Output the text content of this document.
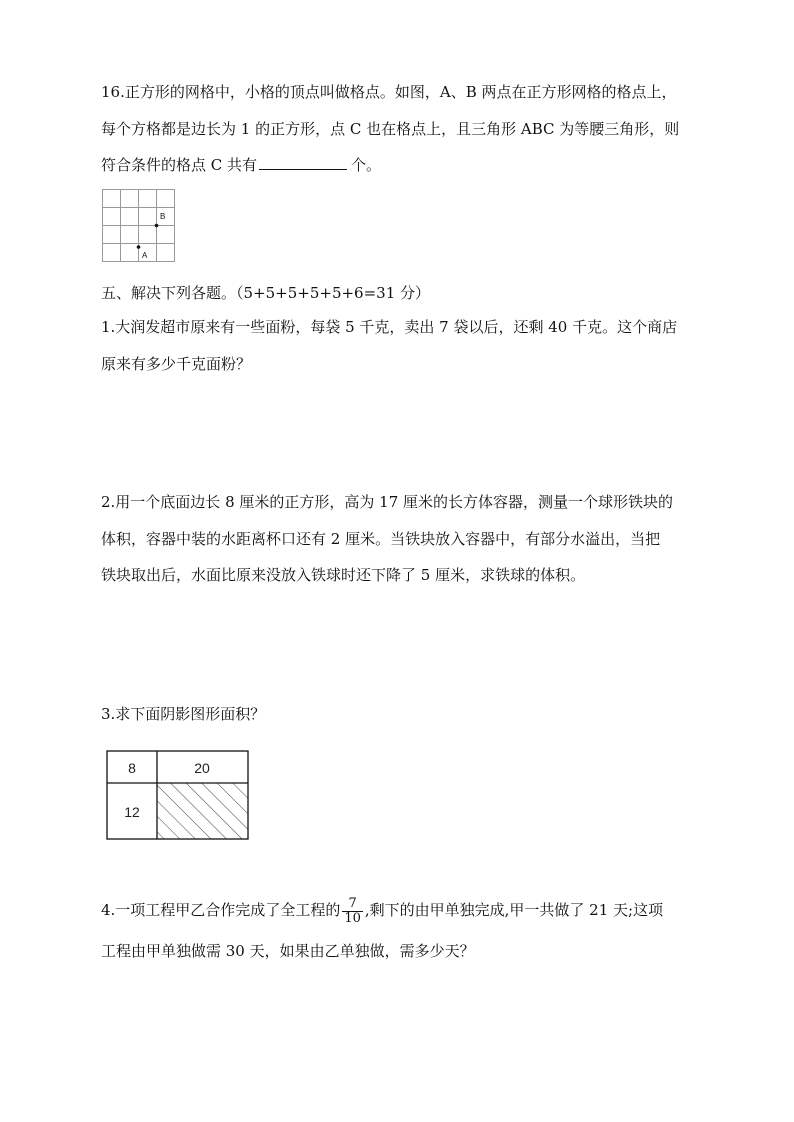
16.正方形的网格中，小格的顶点叫做格点。如图，A、B 两点在正方形网格的格点上，
每个方格都是边长为 1 的正方形，点 C 也在格点上，且三角形 ABC 为等腰三角形，则
符合条件的格点 C 共有	个。
B
A
五、解决下列各题。（5+5+5+5+5+6=31 分）
1.大润发超市原来有一些面粉，每袋 5 千克，卖出 7 袋以后，还剩 40 千克。这个商店
原来有多少千克面粉？
2.用一个底面边长 8 厘米的正方形，高为 17 厘米的长方体容器，测量一个球形铁块的
体积，容器中装的水距离杯口还有 2 厘米。当铁块放入容器中，有部分水溢出，当把
铁块取出后，水面比原来没放入铁球时还下降了 5 厘米，求铁球的体积。
3.求下面阴影图形面积？
8	20
12
4.一项工程甲乙合作完成了全工程的 $\frac{7}{10}$ ,剩下的由甲单独完成,甲一共做了 21 天;这项
工程由甲单独做需 30 天，如果由乙单独做，需多少天？
